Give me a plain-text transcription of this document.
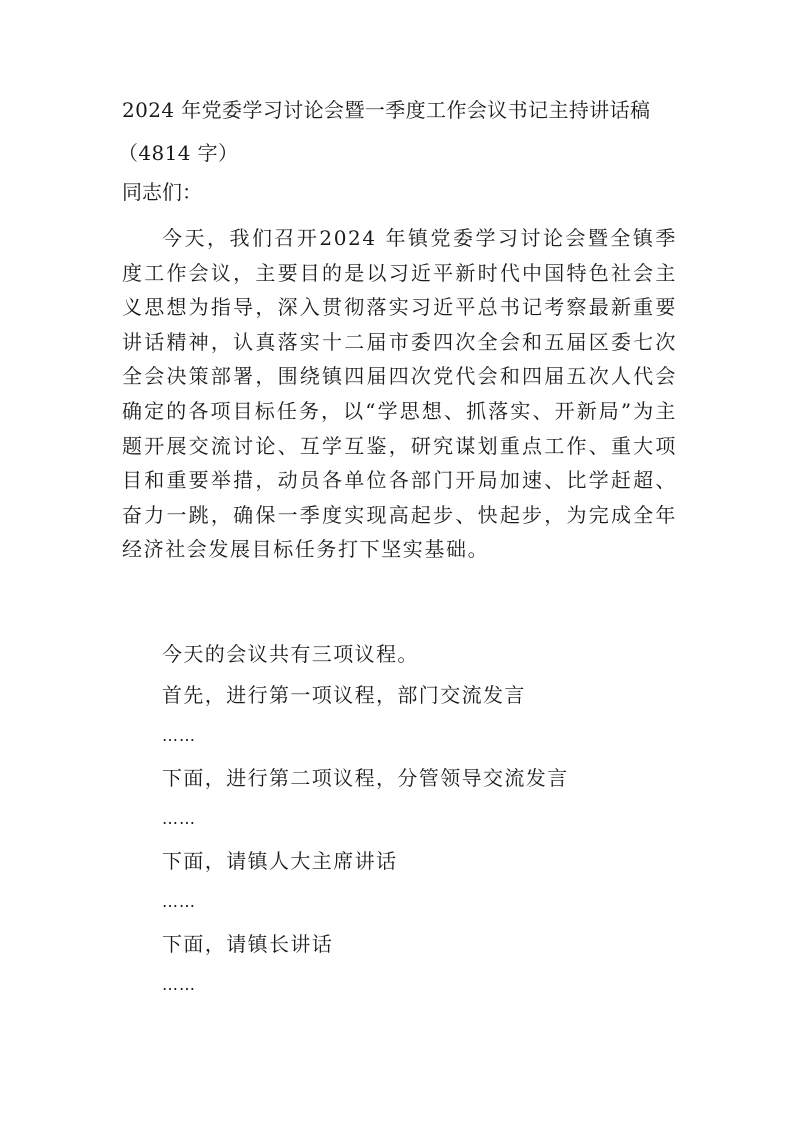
2024 年党委学习讨论会暨一季度工作会议书记主持讲话稿
（4814 字）
同志们：

今天，我们召开2024 年镇党委学习讨论会暨全镇季度工作会议，主要目的是以习近平新时代中国特色社会主义思想为指导，深入贯彻落实习近平总书记考察最新重要讲话精神，认真落实十二届市委四次全会和五届区委七次全会决策部署，围绕镇四届四次党代会和四届五次人代会确定的各项目标任务，以“学思想、抓落实、开新局”为主题开展交流讨论、互学互鉴，研究谋划重点工作、重大项目和重要举措，动员各单位各部门开局加速、比学赶超、奋力一跳，确保一季度实现高起步、快起步，为完成全年经济社会发展目标任务打下坚实基础。

今天的会议共有三项议程。
首先，进行第一项议程，部门交流发言
……
下面，进行第二项议程，分管领导交流发言
……
下面，请镇人大主席讲话
……
下面，请镇长讲话
……
